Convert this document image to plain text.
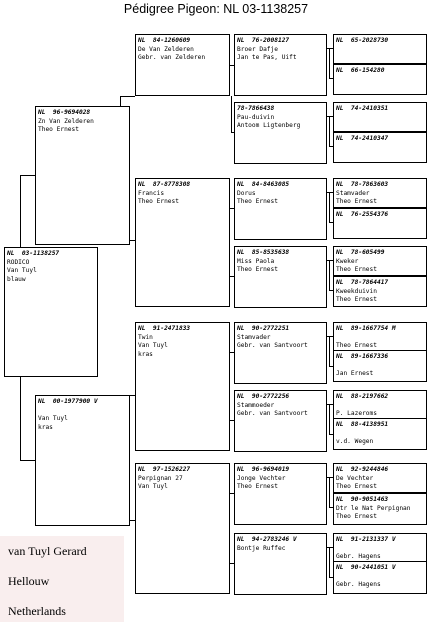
Pédigree Pigeon: NL 03-1138257
NL  03-1138257
RODICO
Van Tuyl
blauw
NL  96-9694028
Zn Van Zelderen
Theo Ernest
NL  00-1977900 V
Van Tuyl
kras
NL  84-1260609
De Van Zelderen
Gebr. van Zelderen
NL  87-8778308
Francis
Theo Ernest
NL  91-2471833
Twin
Van Tuyl
kras
NL  97-1526227
Perpignan 27
Van Tuyl
NL  76-2008127
Broer Dafje
Jan te Pas, Uift
78-7866438
Pau-duivin
Antoom Ligtenberg
NL  84-8463085
Dorus
Theo Ernest
NL  85-8535638
Miss Paola
Theo Ernest
NL  90-2772251
Stamvader
Gebr. van Santvoort
NL  90-2772256
Stammoeder
Gebr. van Santvoort
NL  96-9694019
Jonge Vechter
Theo Ernest
NL  94-2783246 V
Bontje Ruffec
NL  65-2028730
NL  66-154280
NL  74-2410351
NL  74-2410347
NL  78-7863603
Stamvader
Theo Ernest
NL  76-2554376
NL  78-605499
Kweker
Theo Ernest
NL  78-7864417
Kweekduivin
Theo Ernest
NL  89-1667754 M
Theo Ernest
NL  89-1667336
Jan Ernest
NL  88-2197662
P. Lazeroms
NL  88-4138951
v.d. Wegen
NL  92-9244846
De Vechter
Theo Ernest
NL  90-9051463
Dtr le Nat Perpignan
Theo Ernest
NL  91-2131337 V
Gebr. Hagens
NL  90-2441051 V
Gebr. Hagens
van Tuyl Gerard
Hellouw
Netherlands
